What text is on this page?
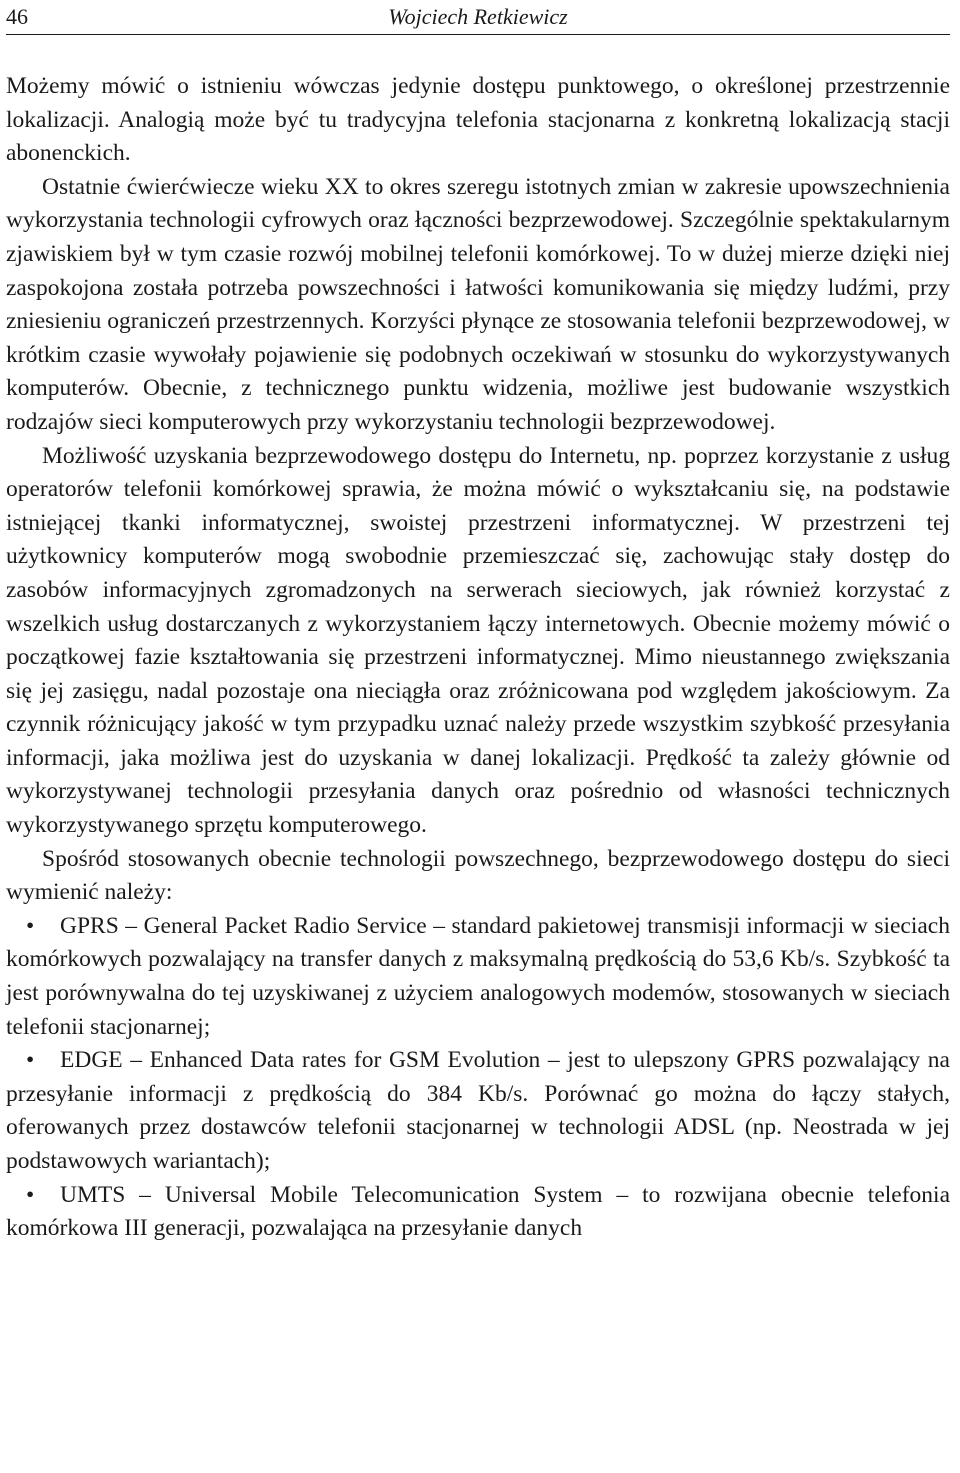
46	Wojciech Retkiewicz

Możemy mówić o istnieniu wówczas jedynie dostępu punktowego, o określonej przestrzennie lokalizacji. Analogią może być tu tradycyjna telefonia stacjonarna z konkretną lokalizacją stacji abonenckich.

Ostatnie ćwierćwiecze wieku XX to okres szeregu istotnych zmian w zakresie upowszechnienia wykorzystania technologii cyfrowych oraz łączności bezprzewodowej. Szczególnie spektakularnym zjawiskiem był w tym czasie rozwój mobilnej telefonii komórkowej. To w dużej mierze dzięki niej zaspokojona została potrzeba powszechności i łatwości komunikowania się między ludźmi, przy zniesieniu ograniczeń przestrzennych. Korzyści płynące ze stosowania telefonii bezprzewodowej, w krótkim czasie wywołały pojawienie się podobnych oczekiwań w stosunku do wykorzystywanych komputerów. Obecnie, z technicznego punktu widzenia, możliwe jest budowanie wszystkich rodzajów sieci komputerowych przy wykorzystaniu technologii bezprzewodowej.

Możliwość uzyskania bezprzewodowego dostępu do Internetu, np. poprzez korzystanie z usług operatorów telefonii komórkowej sprawia, że można mówić o wykształcaniu się, na podstawie istniejącej tkanki informatycznej, swoistej przestrzeni informatycznej. W przestrzeni tej użytkownicy komputerów mogą swobodnie przemieszczać się, zachowując stały dostęp do zasobów informacyjnych zgromadzonych na serwerach sieciowych, jak również korzystać z wszelkich usług dostarczanych z wykorzystaniem łączy internetowych. Obecnie możemy mówić o początkowej fazie kształtowania się przestrzeni informatycznej. Mimo nieustannego zwiększania się jej zasięgu, nadal pozostaje ona nieciągła oraz zróżnicowana pod względem jakościowym. Za czynnik różnicujący jakość w tym przypadku uznać należy przede wszystkim szybkość przesyłania informacji, jaka możliwa jest do uzyskania w danej lokalizacji. Prędkość ta zależy głównie od wykorzystywanej technologii przesyłania danych oraz pośrednio od własności technicznych wykorzystywanego sprzętu komputerowego.

Spośród stosowanych obecnie technologii powszechnego, bezprzewodowego dostępu do sieci wymienić należy:

• GPRS – General Packet Radio Service – standard pakietowej transmisji informacji w sieciach komórkowych pozwalający na transfer danych z maksymalną prędkością do 53,6 Kb/s. Szybkość ta jest porównywalna do tej uzyskiwanej z użyciem analogowych modemów, stosowanych w sieciach telefonii stacjonarnej;

• EDGE – Enhanced Data rates for GSM Evolution – jest to ulepszony GPRS pozwalający na przesyłanie informacji z prędkością do 384 Kb/s. Porównać go można do łączy stałych, oferowanych przez dostawców telefonii stacjonarnej w technologii ADSL (np. Neostrada w jej podstawowych wariantach);

• UMTS – Universal Mobile Telecomunication System – to rozwijana obecnie telefonia komórkowa III generacji, pozwalająca na przesyłanie danych
